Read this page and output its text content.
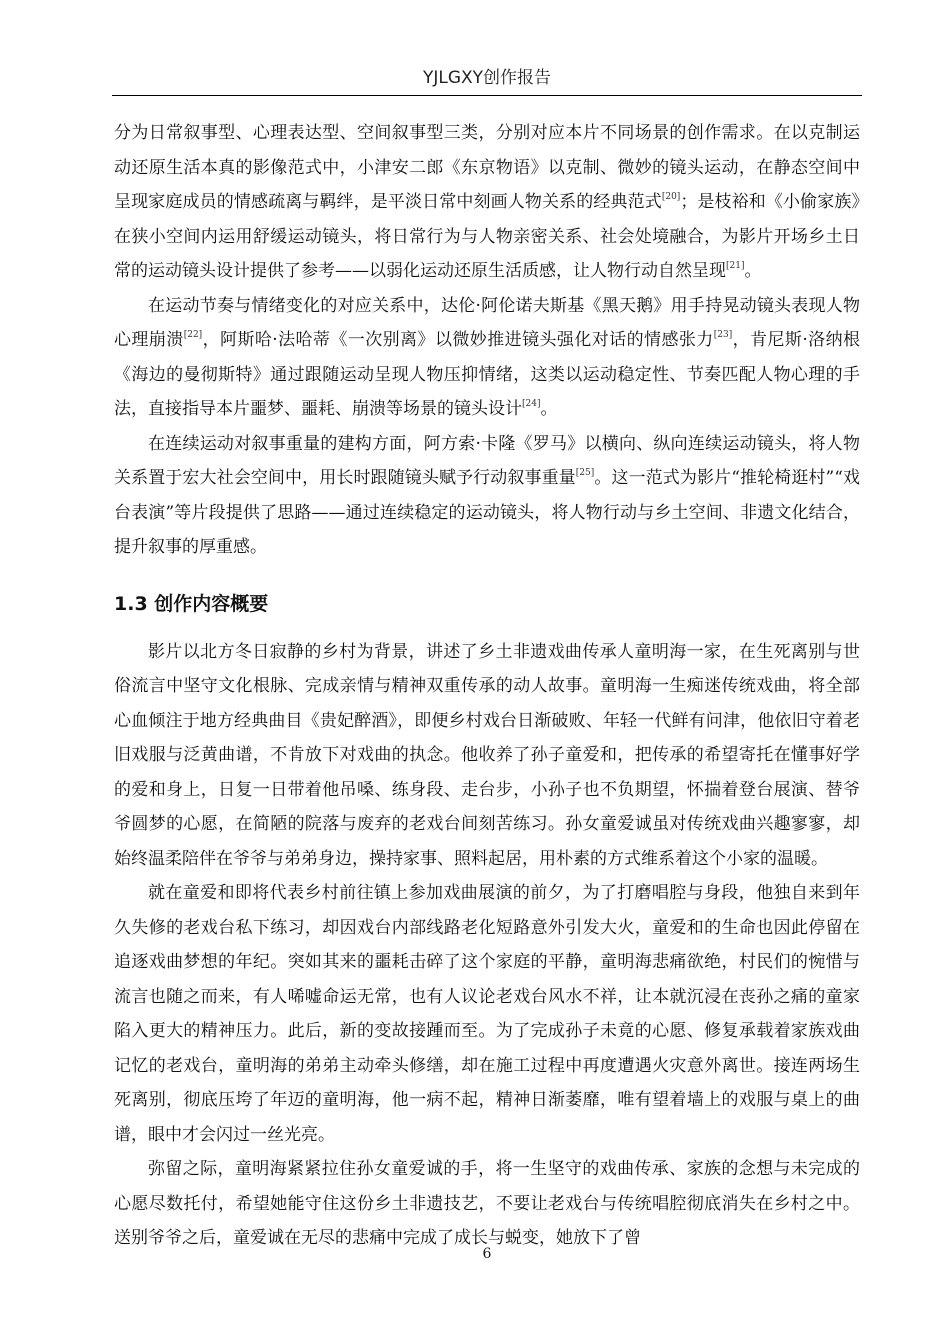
YJLGXY创作报告

分为日常叙事型、心理表达型、空间叙事型三类，分别对应本片不同场景的创作需求。在以克制运动还原生活本真的影像范式中，小津安二郎《东京物语》以克制、微妙的镜头运动，在静态空间中呈现家庭成员的情感疏离与羁绊，是平淡日常中刻画人物关系的经典范式[20]；是枝裕和《小偷家族》在狭小空间内运用舒缓运动镜头，将日常行为与人物亲密关系、社会处境融合，为影片开场乡土日常的运动镜头设计提供了参考——以弱化运动还原生活质感，让人物行动自然呈现[21]。

在运动节奏与情绪变化的对应关系中，达伦·阿伦诺夫斯基《黑天鹅》用手持晃动镜头表现人物心理崩溃[22]，阿斯哈·法哈蒂《一次别离》以微妙推进镜头强化对话的情感张力[23]，肯尼斯·洛纳根《海边的曼彻斯特》通过跟随运动呈现人物压抑情绪，这类以运动稳定性、节奏匹配人物心理的手法，直接指导本片噩梦、噩耗、崩溃等场景的镜头设计[24]。

在连续运动对叙事重量的建构方面，阿方索·卡隆《罗马》以横向、纵向连续运动镜头，将人物关系置于宏大社会空间中，用长时跟随镜头赋予行动叙事重量[25]。这一范式为影片“推轮椅逛村”“戏台表演”等片段提供了思路——通过连续稳定的运动镜头，将人物行动与乡土空间、非遗文化结合，提升叙事的厚重感。

1.3 创作内容概要

影片以北方冬日寂静的乡村为背景，讲述了乡土非遗戏曲传承人童明海一家，在生死离别与世俗流言中坚守文化根脉、完成亲情与精神双重传承的动人故事。童明海一生痴迷传统戏曲，将全部心血倾注于地方经典曲目《贵妃醉酒》，即便乡村戏台日渐破败、年轻一代鲜有问津，他依旧守着老旧戏服与泛黄曲谱，不肯放下对戏曲的执念。他收养了孙子童爱和，把传承的希望寄托在懂事好学的爱和身上，日复一日带着他吊嗓、练身段、走台步，小孙子也不负期望，怀揣着登台展演、替爷爷圆梦的心愿，在简陋的院落与废弃的老戏台间刻苦练习。孙女童爱诚虽对传统戏曲兴趣寥寥，却始终温柔陪伴在爷爷与弟弟身边，操持家事、照料起居，用朴素的方式维系着这个小家的温暖。

就在童爱和即将代表乡村前往镇上参加戏曲展演的前夕，为了打磨唱腔与身段，他独自来到年久失修的老戏台私下练习，却因戏台内部线路老化短路意外引发大火，童爱和的生命也因此停留在追逐戏曲梦想的年纪。突如其来的噩耗击碎了这个家庭的平静，童明海悲痛欲绝，村民们的惋惜与流言也随之而来，有人唏嘘命运无常，也有人议论老戏台风水不祥，让本就沉浸在丧孙之痛的童家陷入更大的精神压力。此后，新的变故接踵而至。为了完成孙子未竟的心愿、修复承载着家族戏曲记忆的老戏台，童明海的弟弟主动牵头修缮，却在施工过程中再度遭遇火灾意外离世。接连两场生死离别，彻底压垮了年迈的童明海，他一病不起，精神日渐萎靡，唯有望着墙上的戏服与桌上的曲谱，眼中才会闪过一丝光亮。

弥留之际，童明海紧紧拉住孙女童爱诚的手，将一生坚守的戏曲传承、家族的念想与未完成的心愿尽数托付，希望她能守住这份乡土非遗技艺，不要让老戏台与传统唱腔彻底消失在乡村之中。送别爷爷之后，童爱诚在无尽的悲痛中完成了成长与蜕变，她放下了曾

6
